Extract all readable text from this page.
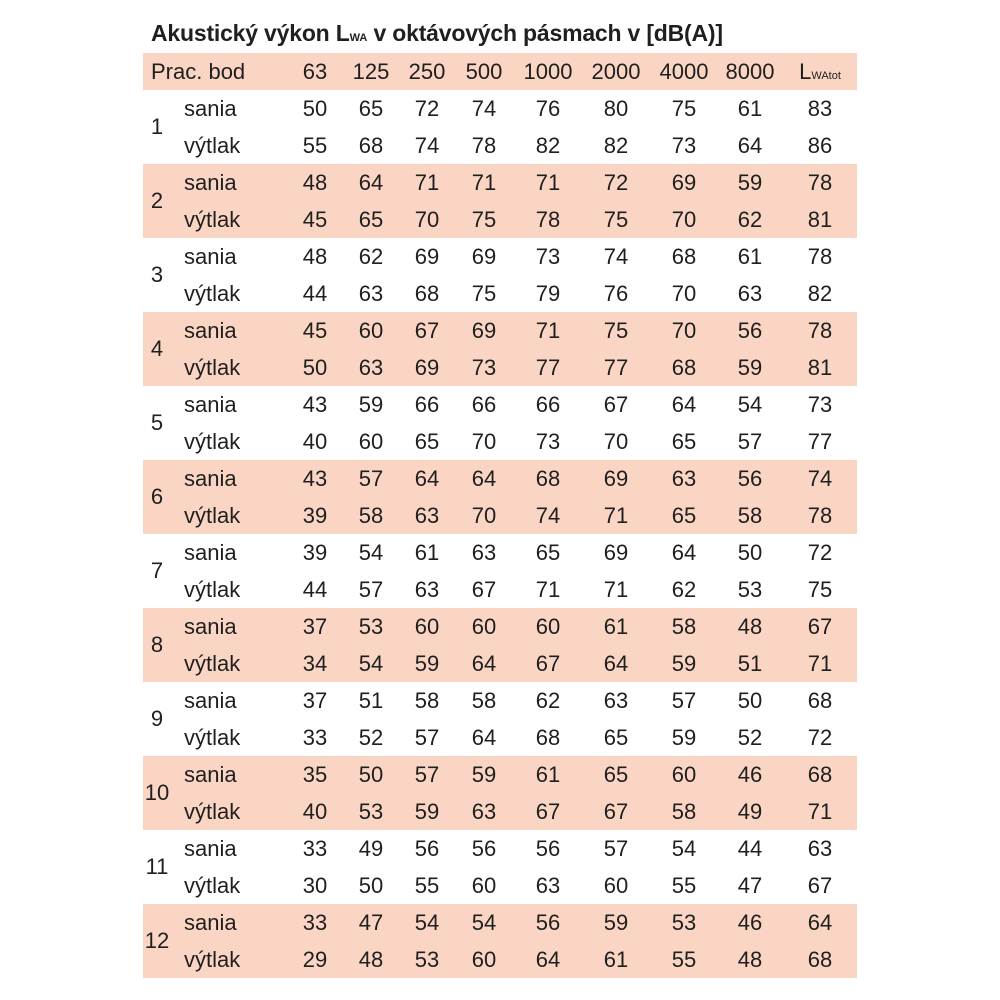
Akustický výkon LWA v oktávových pásmach v [dB(A)]
Prac. bod	63	125 250 500 1000 2000 4000 8000	LWAtot
1
sania	50	65	72	74	76	80	75	61	83
výtlak	55	68	74	78	82	82	73	64	86
2
sania	48	64	71	71	71	72	69	59	78
výtlak	45	65	70	75	78	75	70	62	81
3
sania	48	62	69	69	73	74	68	61	78
výtlak	44	63	68	75	79	76	70	63	82
4
sania	45	60	67	69	71	75	70	56	78
výtlak	50	63	69	73	77	77	68	59	81
5
sania	43	59	66	66	66	67	64	54	73
výtlak	40	60	65	70	73	70	65	57	77
6
sania	43	57	64	64	68	69	63	56	74
výtlak	39	58	63	70	74	71	65	58	78
7
sania	39	54	61	63	65	69	64	50	72
výtlak	44	57	63	67	71	71	62	53	75
8
sania	37	53	60	60	60	61	58	48	67
výtlak	34	54	59	64	67	64	59	51	71
9
sania	37	51	58	58	62	63	57	50	68
výtlak	33	52	57	64	68	65	59	52	72
10
sania	35	50	57	59	61	65	60	46	68
výtlak	40	53	59	63	67	67	58	49	71
11
sania	33	49	56	56	56	57	54	44	63
výtlak	30	50	55	60	63	60	55	47	67
12
sania	33	47	54	54	56	59	53	46	64
výtlak	29	48	53	60	64	61	55	48	68
